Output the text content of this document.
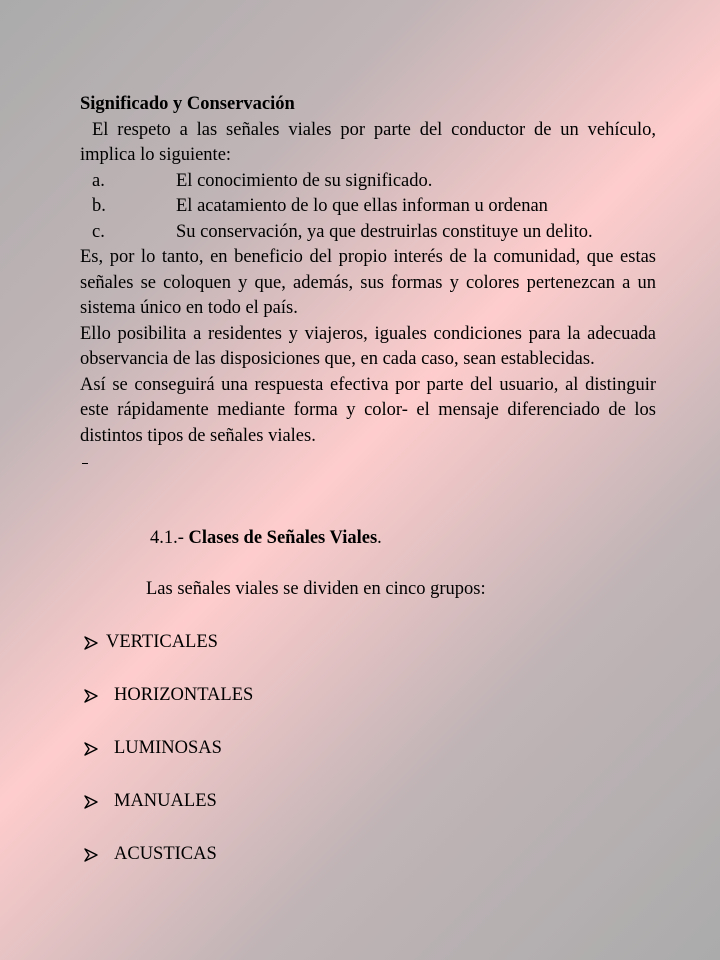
Significado y Conservación

El respeto a las señales viales por parte del conductor de un vehículo, implica lo siguiente:

a.	El conocimiento de su significado.
b.	El acatamiento de lo que ellas informan u ordenan

c.	Su conservación, ya que destruirlas constituye un delito.

Es, por lo tanto, en beneficio del propio interés de la comunidad, que estas señales se coloquen y que, además, sus formas y colores pertenezcan a un sistema único en todo el país.

Ello posibilita a residentes y viajeros, iguales condiciones para la adecuada observancia de las disposiciones que, en cada caso, sean establecidas.

Así se conseguirá una respuesta efectiva por parte del usuario, al distinguir este rápidamente mediante forma y color- el mensaje diferenciado de los distintos tipos de señales viales.

4.1.- Clases de Señales Viales.
Las señales viales se dividen en cinco grupos:
VERTICALES
HORIZONTALES
LUMINOSAS
MANUALES
ACUSTICAS
